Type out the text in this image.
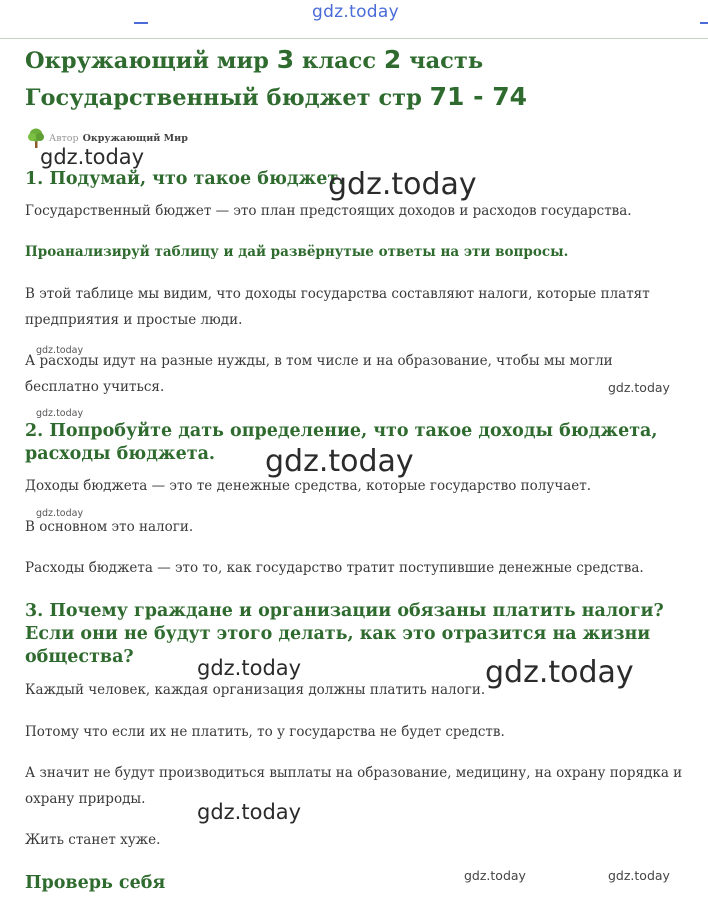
gdz.today
Окружающий мир 3 класс 2 часть Государственный бюджет стр 71 - 74
Автор Окружающий Мир
1. Подумай, что такое бюджет.

Государственный бюджет — это план предстоящих доходов и расходов государства.

Проанализируй таблицу и дай развёрнутые ответы на эти вопросы.

В этой таблице мы видим, что доходы государства составляют налоги, которые платят предприятия и простые люди.

А расходы идут на разные нужды, в том числе и на образование, чтобы мы могли бесплатно учиться.

2. Попробуйте дать определение, что такое доходы бюджета, расходы бюджета.

Доходы бюджета — это те денежные средства, которые государство получает.

В основном это налоги.

Расходы бюджета — это то, как государство тратит поступившие денежные средства.

3. Почему граждане и организации обязаны платить налоги? Если они не будут этого делать, как это отразится на жизни общества?

Каждый человек, каждая организация должны платить налоги.

Потому что если их не платить, то у государства не будет средств.

А значит не будут производиться выплаты на образование, медицину, на охрану порядка и охрану природы.

Жить станет хуже.

Проверь себя
gdz.today
gdz.today
gdz.today
gdz.today
gdz.today
gdz.today
gdz.today
gdz.today	gdz.today
gdz.today
gdz.today	gdz.today
